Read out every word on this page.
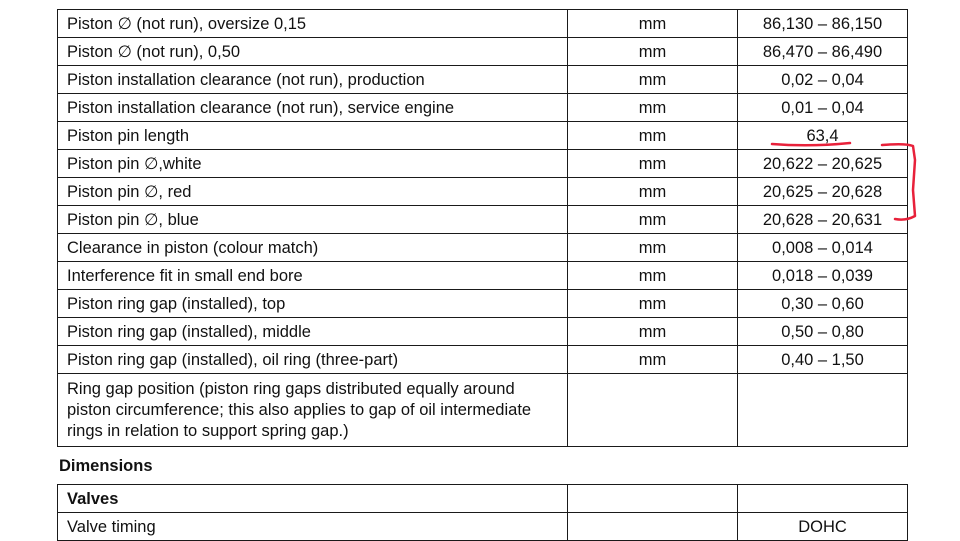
Piston ∅ (not run), oversize 0,15	mm	86,130 – 86,150
Piston ∅ (not run), 0,50	mm	86,470 – 86,490
Piston installation clearance (not run), production	mm	0,02 – 0,04
Piston installation clearance (not run), service engine	mm	0,01 – 0,04
Piston pin length	mm	63,4
Piston pin ∅,white	mm	20,622 – 20,625
Piston pin ∅, red	mm	20,625 – 20,628
Piston pin ∅, blue	mm	20,628 – 20,631
Clearance in piston (colour match)	mm	0,008 – 0,014
Interference fit in small end bore	mm	0,018 – 0,039
Piston ring gap (installed), top	mm	0,30 – 0,60
Piston ring gap (installed), middle	mm	0,50 – 0,80
Piston ring gap (installed), oil ring (three-part)	mm	0,40 – 1,50
Ring gap position (piston ring gaps distributed equally around piston circumference; this also applies to gap of oil intermediate rings in relation to support spring gap.)		
Dimensions
Valves		
Valve timing		DOHC
